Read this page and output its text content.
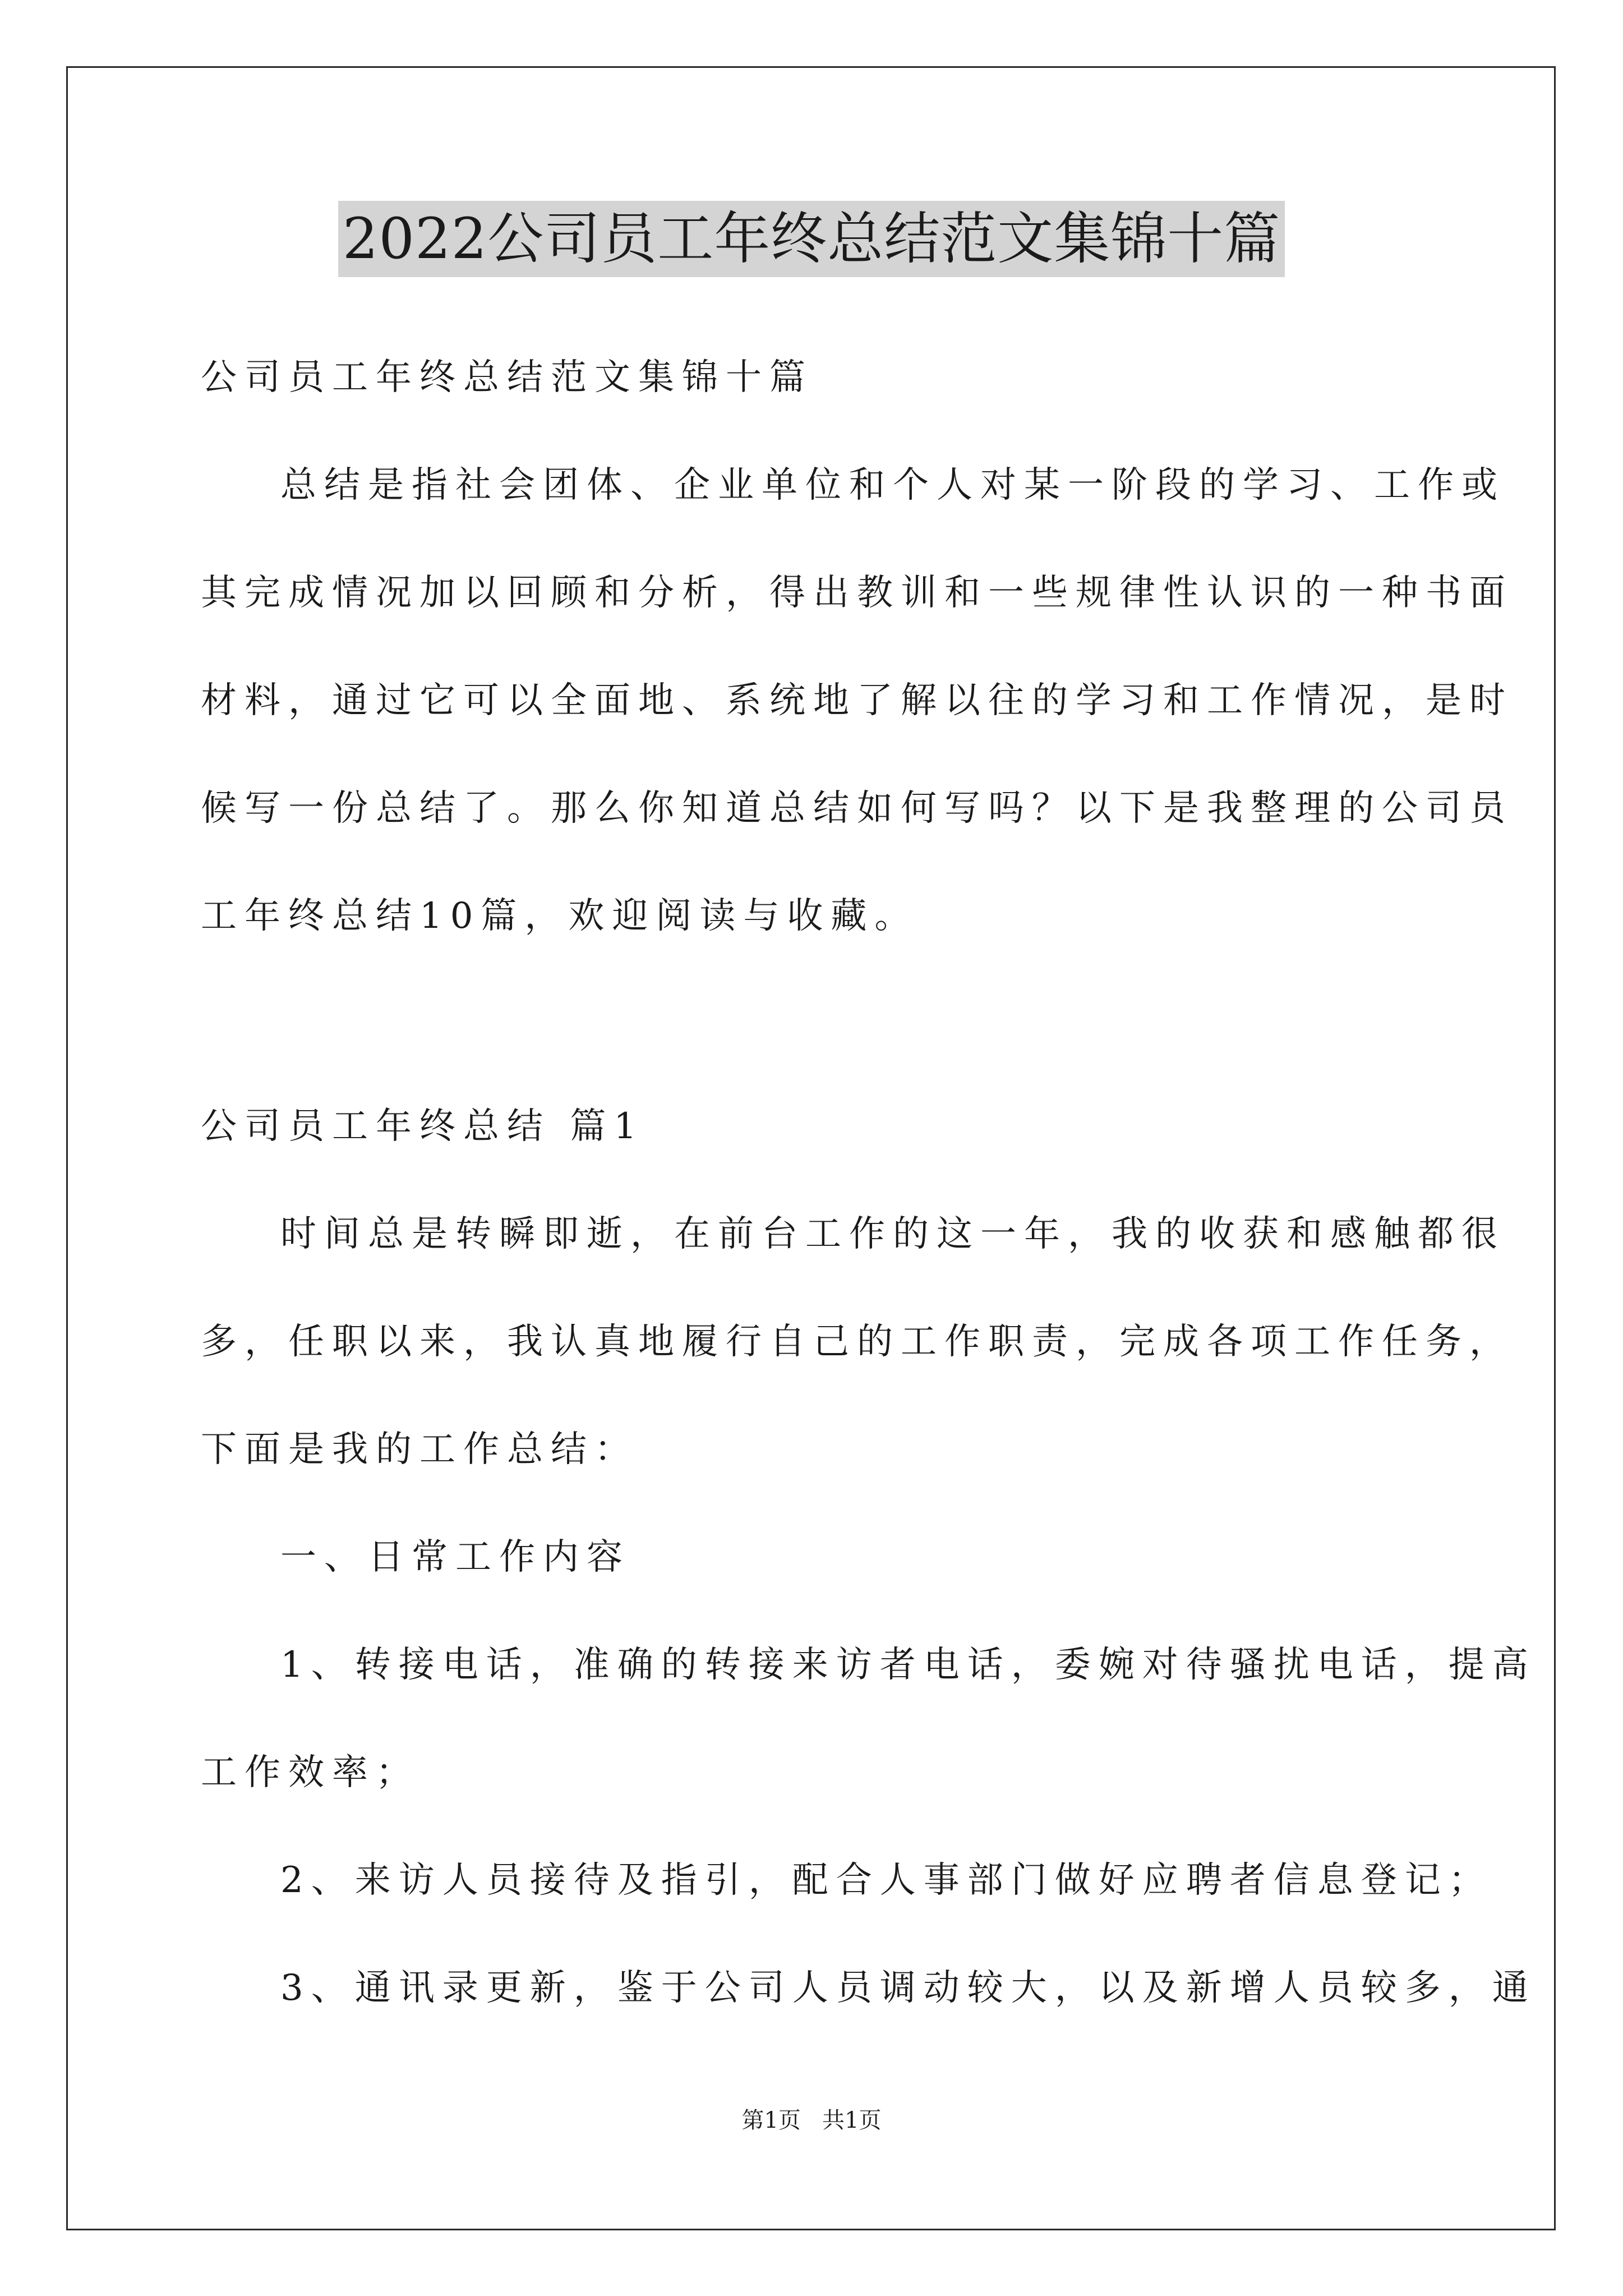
2022公司员工年终总结范文集锦十篇
公司员工年终总结范文集锦十篇
总结是指社会团体、企业单位和个人对某一阶段的学习、工作或
其完成情况加以回顾和分析，得出教训和一些规律性认识的一种书面
材料，通过它可以全面地、系统地了解以往的学习和工作情况，是时
候写一份总结了。那么你知道总结如何写吗？以下是我整理的公司员
工年终总结10篇，欢迎阅读与收藏。
公司员工年终总结 篇1
时间总是转瞬即逝，在前台工作的这一年，我的收获和感触都很
多，任职以来，我认真地履行自己的工作职责，完成各项工作任务，
下面是我的工作总结：
一、日常工作内容
1、转接电话，准确的转接来访者电话，委婉对待骚扰电话，提高
工作效率；
2、来访人员接待及指引，配合人事部门做好应聘者信息登记；
3、通讯录更新，鉴于公司人员调动较大，以及新增人员较多，通
第1页   共1页
